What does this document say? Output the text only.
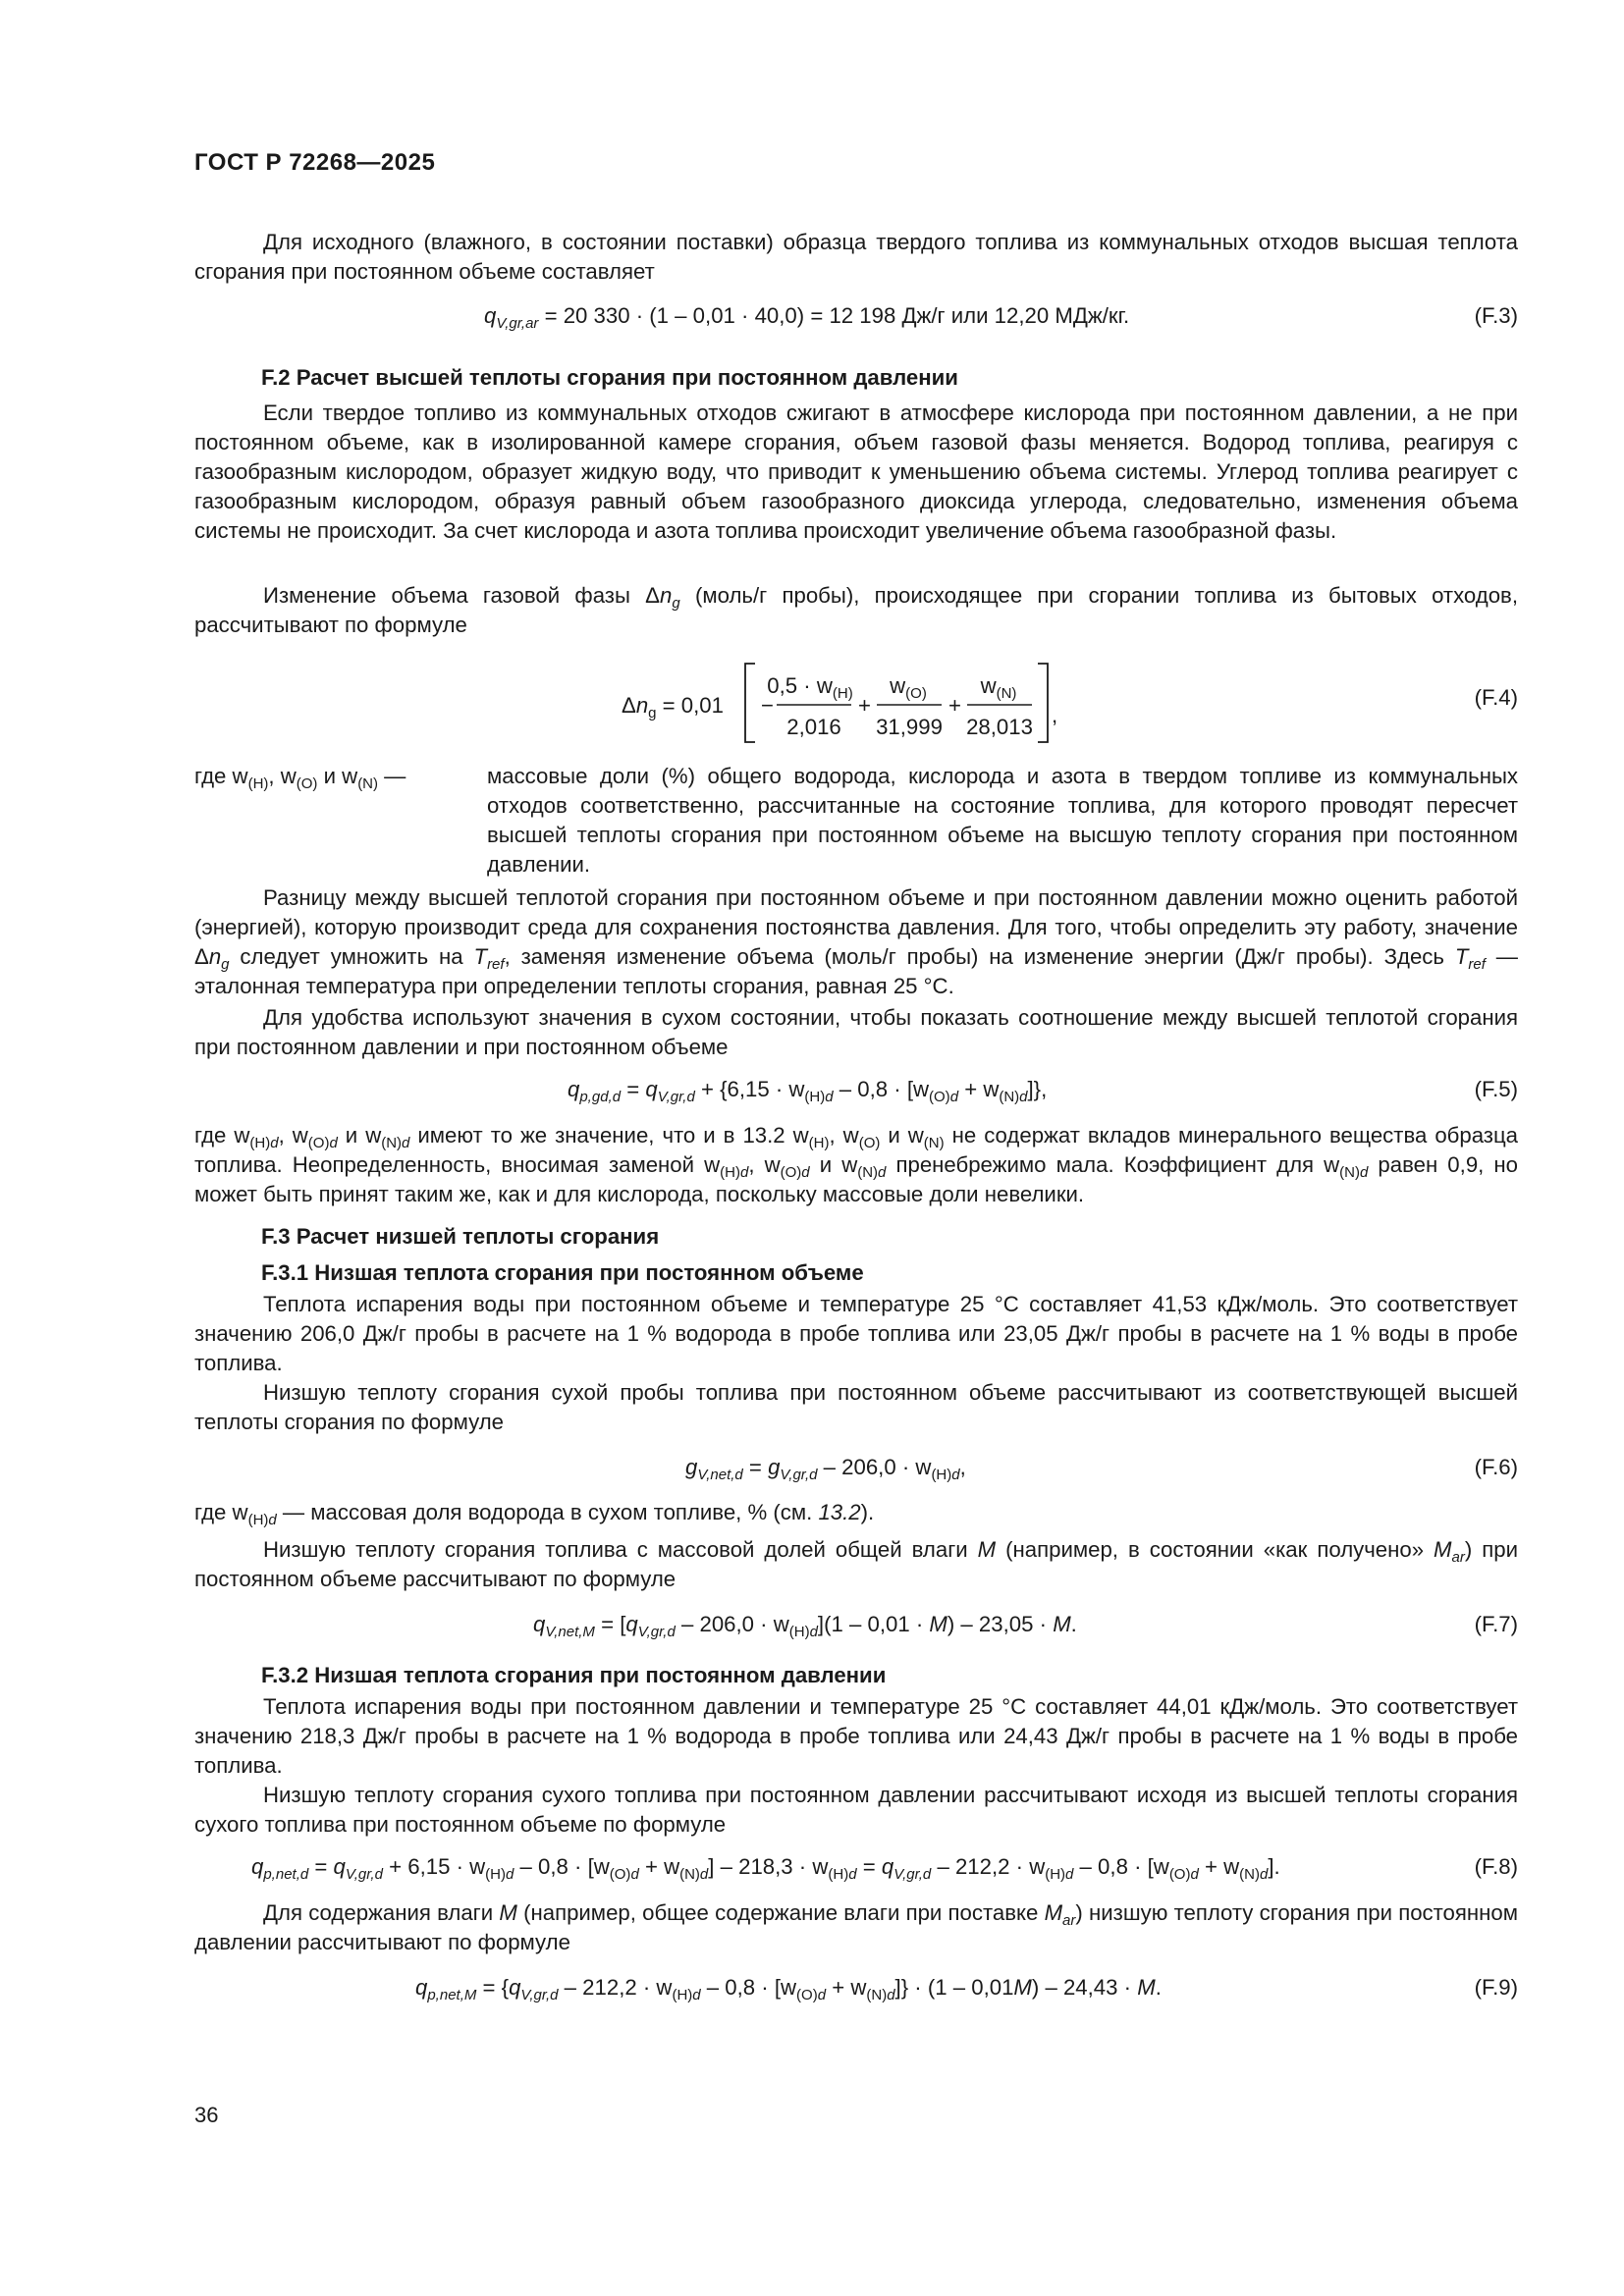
ГОСТ Р 72268—2025

Для исходного (влажного, в состоянии поставки) образца твердого топлива из коммунальных отходов высшая теплота сгорания при постоянном объеме составляет

$q_{V,gr,ar} = 20$ 330 · (1 – 0,01 · 40,0) = 12 198 Дж/г или 12,20 МДж/кг.	(F.3)
F.2 Расчет высшей теплоты сгорания при постоянном давлении

Если твердое топливо из коммунальных отходов сжигают в атмосфере кислорода при постоянном давлении, а не при постоянном объеме, как в изолированной камере сгорания, объем газовой фазы меняется. Водород топлива, реагируя с газообразным кислородом, образует жидкую воду, что приводит к уменьшению объема системы. Углерод топлива реагирует с газообразным кислородом, образуя равный объем газообразного диоксида углерода, следовательно, изменения объема системы не происходит. За счет кислорода и азота топлива происходит увеличение объема газообразной фазы.

Изменение объема газовой фазы $\Delta n_g$ (моль/г пробы), происходящее при сгорании топлива из бытовых отходов, рассчитывают по формуле

$\Delta n_g = 0,01$ −
$0,5 \cdot w_{(H)}$
2,016
+
$w_{(O)}$
31,999
+
$w_{(N)}$
28,013 ,
(F.4)
где $w_{(H)}$, $w_{(O)}$ и $w_{(N)}$ —	массовые доли (%) общего водорода, кислорода и азота в твердом топливе из коммунальных отходов соответственно, рассчитанные на состояние топлива, для которого проводят пересчет высшей теплоты сгорания при постоянном объеме на высшую теплоту сгорания при постоянном давлении.

Разницу между высшей теплотой сгорания при постоянном объеме и при постоянном давлении можно оценить работой (энергией), которую производит среда для сохранения постоянства давления. Для того, чтобы определить эту работу, значение $\Delta n_g$ следует умножить на $T_{ref}$, заменяя изменение объема (моль/г пробы) на изменение энергии (Дж/г пробы). Здесь $T_{ref}$ — эталонная температура при определении теплоты сгорания, равная 25 °C.

Для удобства используют значения в сухом состоянии, чтобы показать соотношение между высшей теплотой сгорания при постоянном давлении и при постоянном объеме

$q_{p,gd,d} = q_{V,gr,d} + \{6,15 \cdot w_{(H)d} - 0,8 \cdot [w_{(O)d} + w_{(N)d}]\}$,	(F.5)

где $w_{(H)d}$, $w_{(O)d}$ и $w_{(N)d}$ имеют то же значение, что и в 13.2 $w_{(H)}$, $w_{(O)}$ и $w_{(N)}$ не содержат вкладов минерального вещества образца топлива. Неопределенность, вносимая заменой $w_{(H)d}$, $w_{(O)d}$ и $w_{(N)d}$ пренебрежимо мала. Коэффициент для $w_{(N)d}$ равен 0,9, но может быть принят таким же, как и для кислорода, поскольку массовые доли невелики.

F.3 Расчет низшей теплоты сгорания
F.3.1 Низшая теплота сгорания при постоянном объеме

Теплота испарения воды при постоянном объеме и температуре 25 °C составляет 41,53 кДж/моль. Это соответствует значению 206,0 Дж/г пробы в расчете на 1 % водорода в пробе топлива или 23,05 Дж/г пробы в расчете на 1 % воды в пробе топлива.

Низшую теплоту сгорания сухой пробы топлива при постоянном объеме рассчитывают из соответствующей высшей теплоты сгорания по формуле

$g_{V,net,d} = g_{V,gr,d} - 206,0 \cdot w_{(H)d}$,	(F.6)

где $w_{(H)d}$ — массовая доля водорода в сухом топливе, % (см. 13.2).

Низшую теплоту сгорания топлива с массовой долей общей влаги M (например, в состоянии «как получено» $M_{ar}$) при постоянном объеме рассчитывают по формуле

$q_{V,net,M} = [q_{V,gr,d} - 206,0 \cdot w_{(H)d}](1 - 0,01 \cdot M) - 23,05 \cdot M$.	(F.7)
F.3.2 Низшая теплота сгорания при постоянном давлении

Теплота испарения воды при постоянном давлении и температуре 25 °C составляет 44,01 кДж/моль. Это соответствует значению 218,3 Дж/г пробы в расчете на 1 % водорода в пробе топлива или 24,43 Дж/г пробы в расчете на 1 % воды в пробе топлива.

Низшую теплоту сгорания сухого топлива при постоянном давлении рассчитывают исходя из высшей теплоты сгорания сухого топлива при постоянном объеме по формуле

$q_{p,net,d} = q_{V,gr,d} + 6,15 \cdot w_{(H)d} - 0,8 \cdot [w_{(O)d} + w_{(N)d}] - 218,3 \cdot w_{(H)d} = q_{V,gr,d} - 212,2 \cdot w_{(H)d} - 0,8 \cdot [w_{(O)d} + w_{(N)d}]$.	(F.8)

Для содержания влаги M (например, общее содержание влаги при поставке $M_{ar}$) низшую теплоту сгорания при постоянном давлении рассчитывают по формуле

$q_{p,net,M} = \{q_{V,gr,d} - 212,2 \cdot w_{(H)d} - 0,8 \cdot [w_{(O)d} + w_{(N)d}]\} \cdot (1 - 0,01M) - 24,43 \cdot M$.	(F.9)
36
